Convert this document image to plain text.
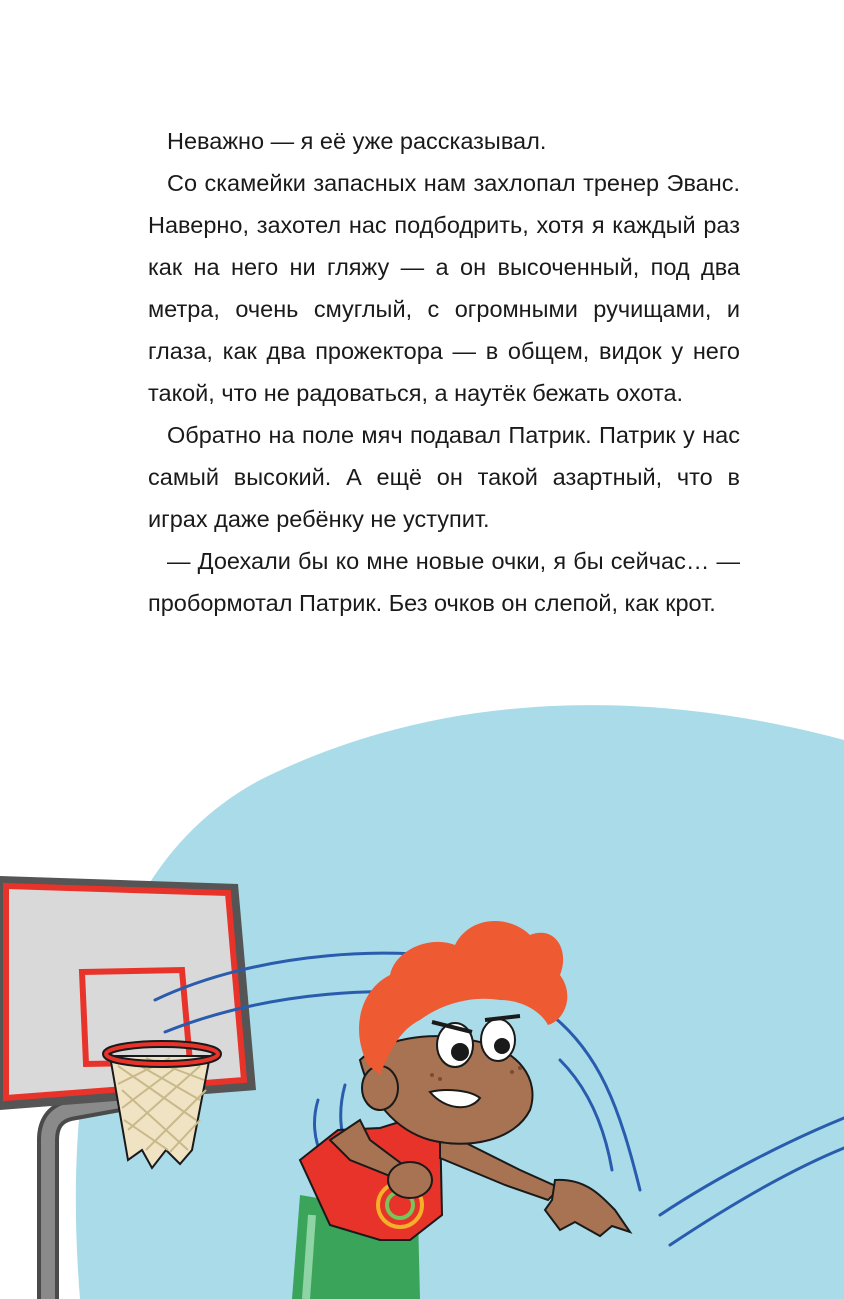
Неважно — я её уже рассказывал.

Со скамейки запасных нам захлопал тренер Эванс. Наверно, захотел нас подбодрить, хотя я каждый раз как на него ни гляжу — а он высоченный, под два метра, очень смуглый, с огромными ручищами, и глаза, как два прожектора — в общем, видок у него такой, что не радоваться, а наутёк бежать охота.

Обратно на поле мяч подавал Патрик. Патрик у нас самый высокий. А ещё он такой азартный, что в играх даже ребёнку не уступит.

— Доехали бы ко мне новые очки, я бы сейчас… — пробормотал Патрик. Без очков он слепой, как крот.
